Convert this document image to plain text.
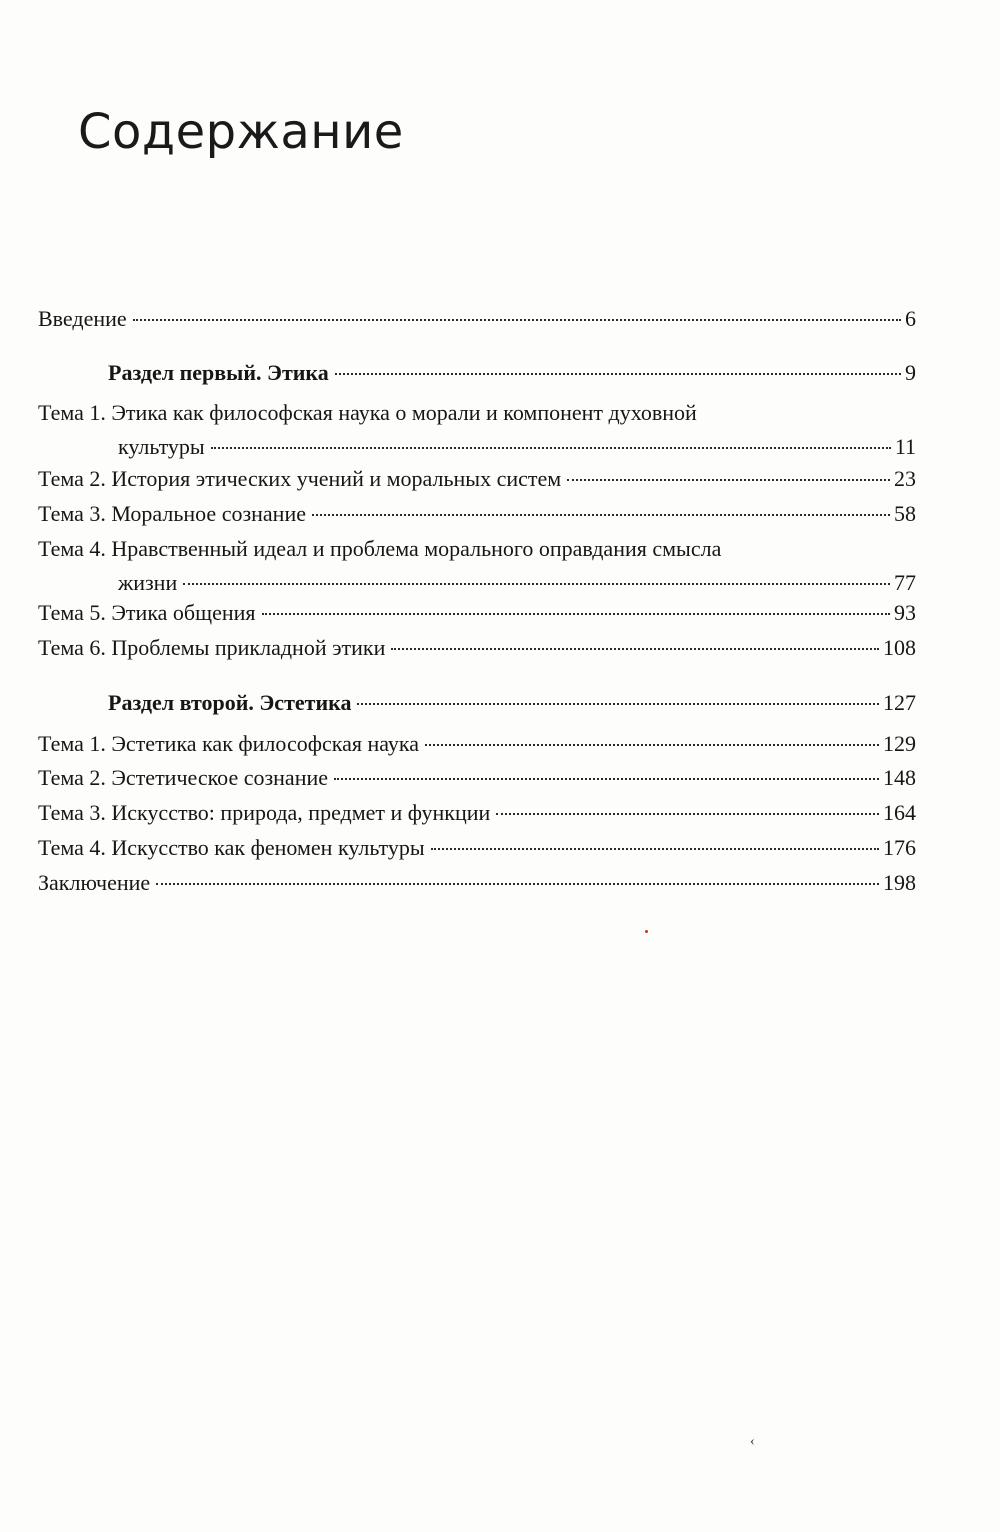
Содержание
Введение	6
Раздел первый. Этика	9
Тема 1. Этика как философская наука о морали и компонент духовной
культуры	11
Тема 2. История этических учений и моральных систем	23
Тема 3. Моральное сознание	58
Тема 4. Нравственный идеал и проблема морального оправдания смысла
жизни	77
Тема 5. Этика общения	93
Тема 6. Проблемы прикладной этики	108
Раздел второй. Эстетика	127
Тема 1. Эстетика как философская наука	129
Тема 2. Эстетическое сознание	148
Тема 3. Искусство: природа, предмет и функции	164
Тема 4. Искусство как феномен культуры	176
Заключение	198
‹
